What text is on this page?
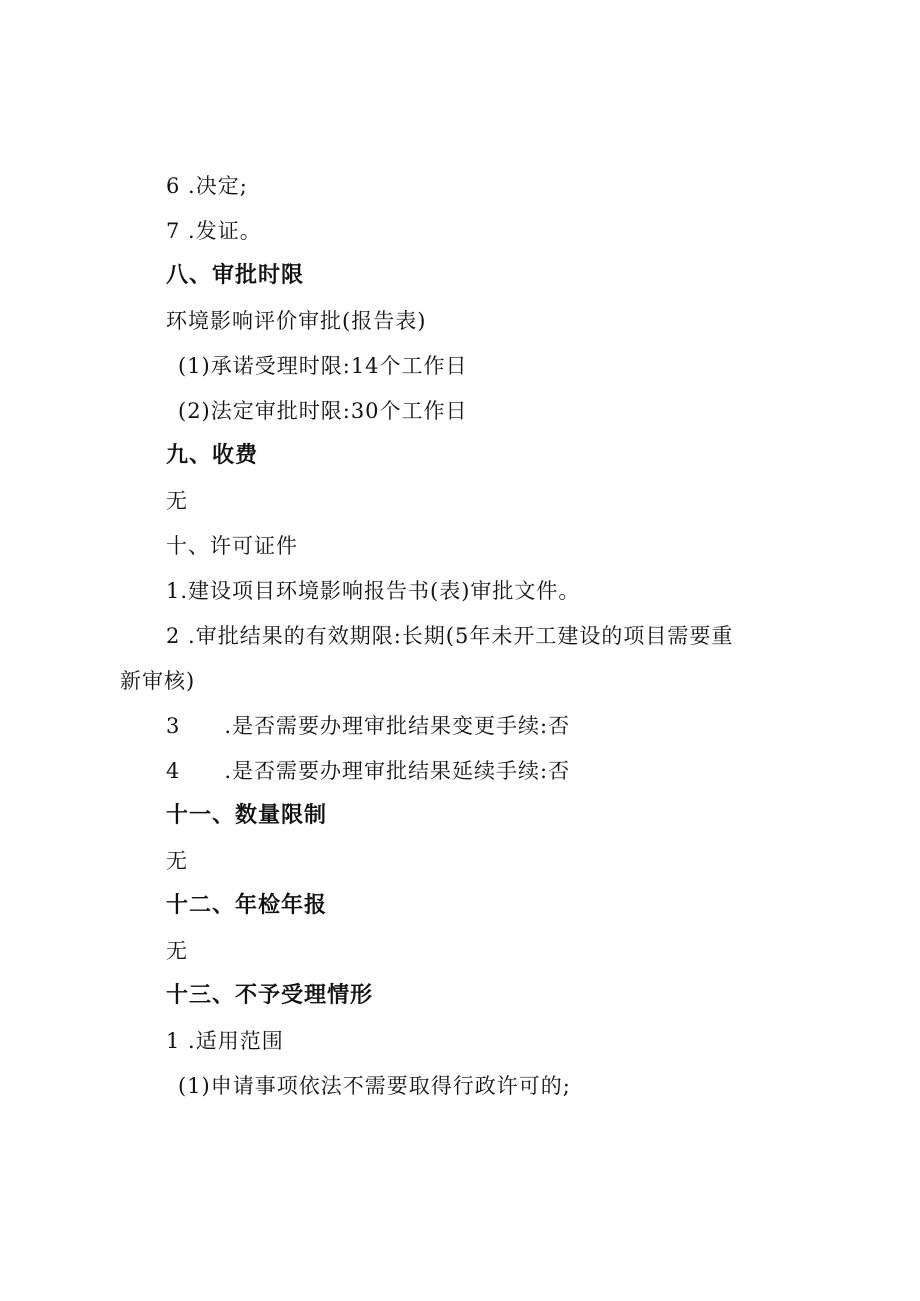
6 .决定;
7 .发证。
八、审批时限
环境影响评价审批(报告表)
(1)承诺受理时限:14个工作日
(2)法定审批时限:30个工作日
九、收费
无
十、许可证件
1.建设项目环境影响报告书(表)审批文件。
2 .审批结果的有效期限:长期(5年未开工建设的项目需要重
新审核)
3 .是否需要办理审批结果变更手续:否
4 .是否需要办理审批结果延续手续:否
十一、数量限制
无
十二、年检年报
无
十三、不予受理情形
1 .适用范围
(1)申请事项依法不需要取得行政许可的;
